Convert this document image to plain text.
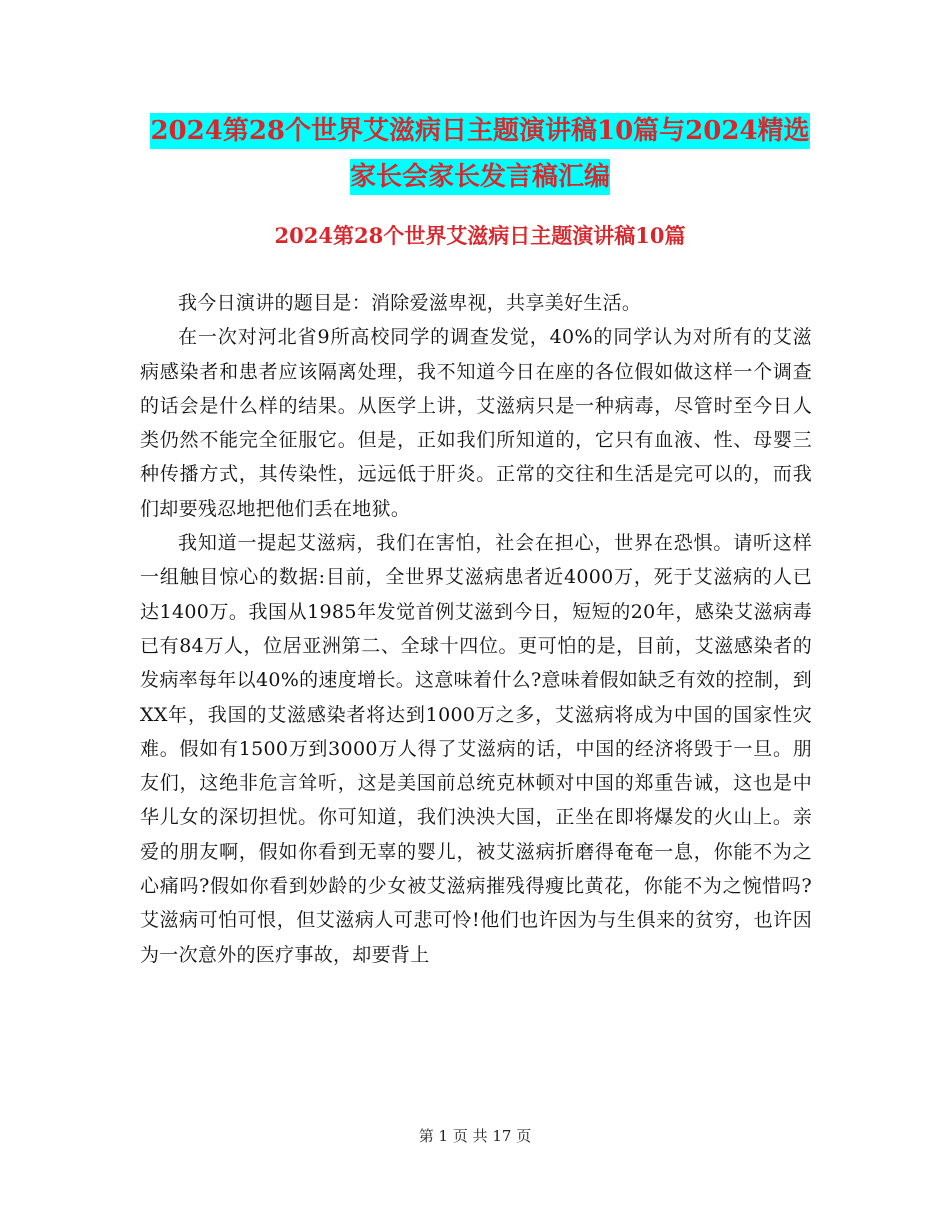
2024第28个世界艾滋病日主题演讲稿10篇与2024精选家长会家长发言稿汇编
2024第28个世界艾滋病日主题演讲稿10篇

我今日演讲的题目是：消除爱滋卑视，共享美好生活。

在一次对河北省9所高校同学的调查发觉，40%的同学认为对所有的艾滋病感染者和患者应该隔离处理，我不知道今日在座的各位假如做这样一个调查的话会是什么样的结果。从医学上讲，艾滋病只是一种病毒，尽管时至今日人类仍然不能完全征服它。但是，正如我们所知道的，它只有血液、性、母婴三种传播方式，其传染性，远远低于肝炎。正常的交往和生活是完可以的，而我们却要残忍地把他们丢在地狱。

我知道一提起艾滋病，我们在害怕，社会在担心，世界在恐惧。请听这样一组触目惊心的数据:目前，全世界艾滋病患者近4000万，死于艾滋病的人已达1400万。我国从1985年发觉首例艾滋到今日，短短的20年，感染艾滋病毒已有84万人，位居亚洲第二、全球十四位。更可怕的是，目前，艾滋感染者的发病率每年以40%的速度增长。这意味着什么?意味着假如缺乏有效的控制，到XX年，我国的艾滋感染者将达到1000万之多，艾滋病将成为中国的国家性灾难。假如有1500万到3000万人得了艾滋病的话，中国的经济将毁于一旦。朋友们，这绝非危言耸听，这是美国前总统克林顿对中国的郑重告诫，这也是中华儿女的深切担忧。你可知道，我们泱泱大国，正坐在即将爆发的火山上。亲爱的朋友啊，假如你看到无辜的婴儿，被艾滋病折磨得奄奄一息，你能不为之心痛吗?假如你看到妙龄的少女被艾滋病摧残得瘦比黄花，你能不为之惋惜吗?艾滋病可怕可恨，但艾滋病人可悲可怜!他们也许因为与生俱来的贫穷，也许因为一次意外的医疗事故，却要背上

第 1 页 共 17 页
